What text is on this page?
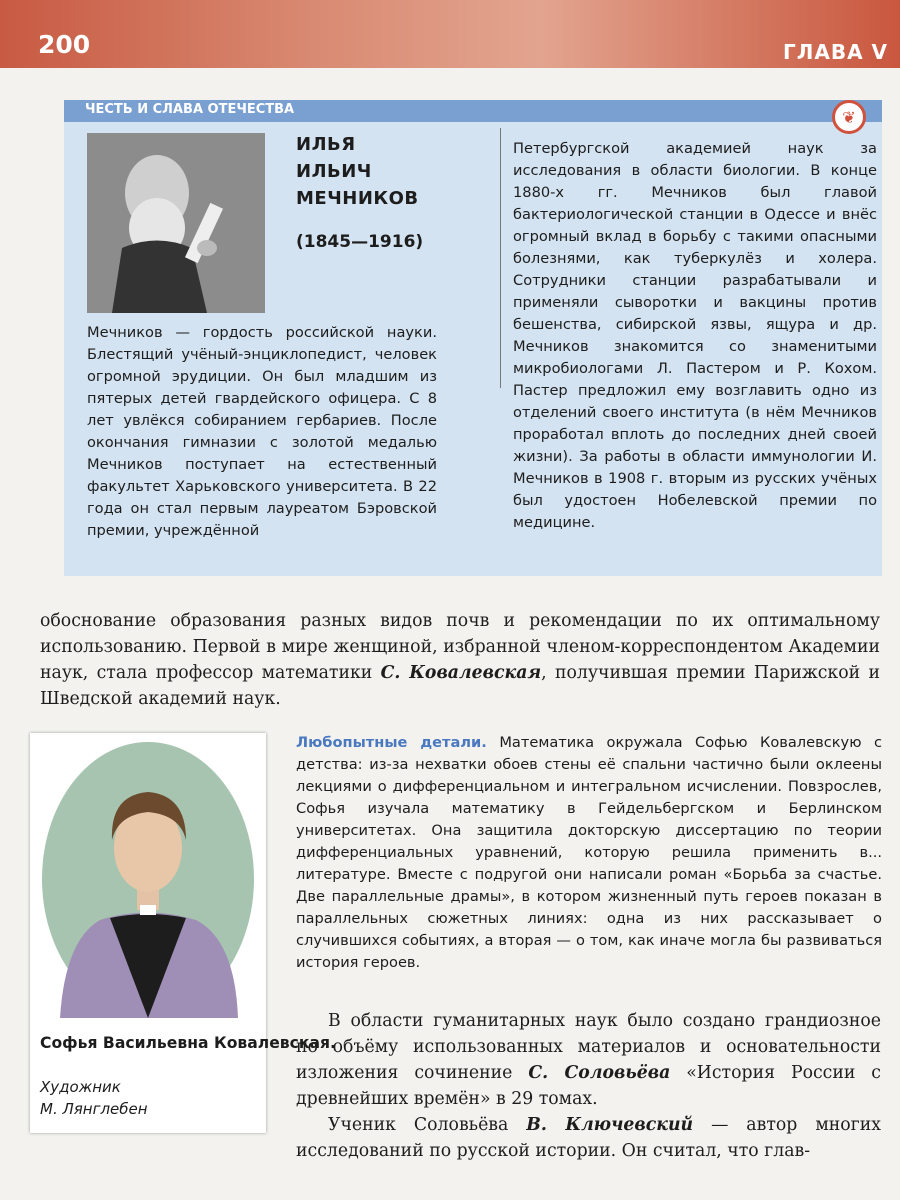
200	ГЛАВА V
ЧЕСТЬ И СЛАВА ОТЕЧЕСТВА	❦
ИЛЬЯ
ИЛЬИЧ
МЕЧНИКОВ
(1845—1916)
Мечников — гордость российской науки. Блестящий учёный-энциклопедист, человек огромной эрудиции. Он был младшим из пятерых детей гвардейского офицера. С 8 лет увлёкся собиранием гербариев. После окончания гимназии с золотой медалью Мечников поступает на естественный факультет Харьковского университета. В 22 года он стал первым лауреатом Бэровской премии, учреждённой
Петербургской академией наук за исследования в области биологии. В конце 1880-х гг. Мечников был главой бактериологической станции в Одессе и внёс огромный вклад в борьбу с такими опасными болезнями, как туберкулёз и холера. Сотрудники станции разрабатывали и применяли сыворотки и вакцины против бешенства, сибирской язвы, ящура и др. Мечников знакомится со знаменитыми микробиологами Л. Пастером и Р. Кохом. Пастер предложил ему возглавить одно из отделений своего института (в нём Мечников проработал вплоть до последних дней своей жизни). За работы в области иммунологии И. Мечников в 1908 г. вторым из русских учёных был удостоен Нобелевской премии по медицине.
обоснование образования разных видов почв и рекомендации по их оптимальному использованию. Первой в мире женщиной, избранной членом-корреспондентом Академии наук, стала профессор математики С. Ковалевская, получившая премии Парижской и Шведской академий наук.
Софья Васильевна Ковалевская.
Художник
М. Лянглебен
Любопытные детали. Математика окружала Софью Ковалевскую с детства: из-за нехватки обоев стены её спальни частично были оклеены лекциями о дифференциальном и интегральном исчислении. Повзрослев, Софья изучала математику в Гейдельбергском и Берлинском университетах. Она защитила докторскую диссертацию по теории дифференциальных уравнений, которую решила применить в... литературе. Вместе с подругой они написали роман «Борьба за счастье. Две параллельные драмы», в котором жизненный путь героев показан в параллельных сюжетных линиях: одна из них рассказывает о случившихся событиях, а вторая — о том, как иначе могла бы развиваться история героев.

В области гуманитарных наук было создано грандиозное по объёму использованных материалов и основательности изложения сочинение С. Соловьёва «История России с древнейших времён» в 29 томах.

Ученик Соловьёва В. Ключевский — автор многих исследований по русской истории. Он считал, что глав-
